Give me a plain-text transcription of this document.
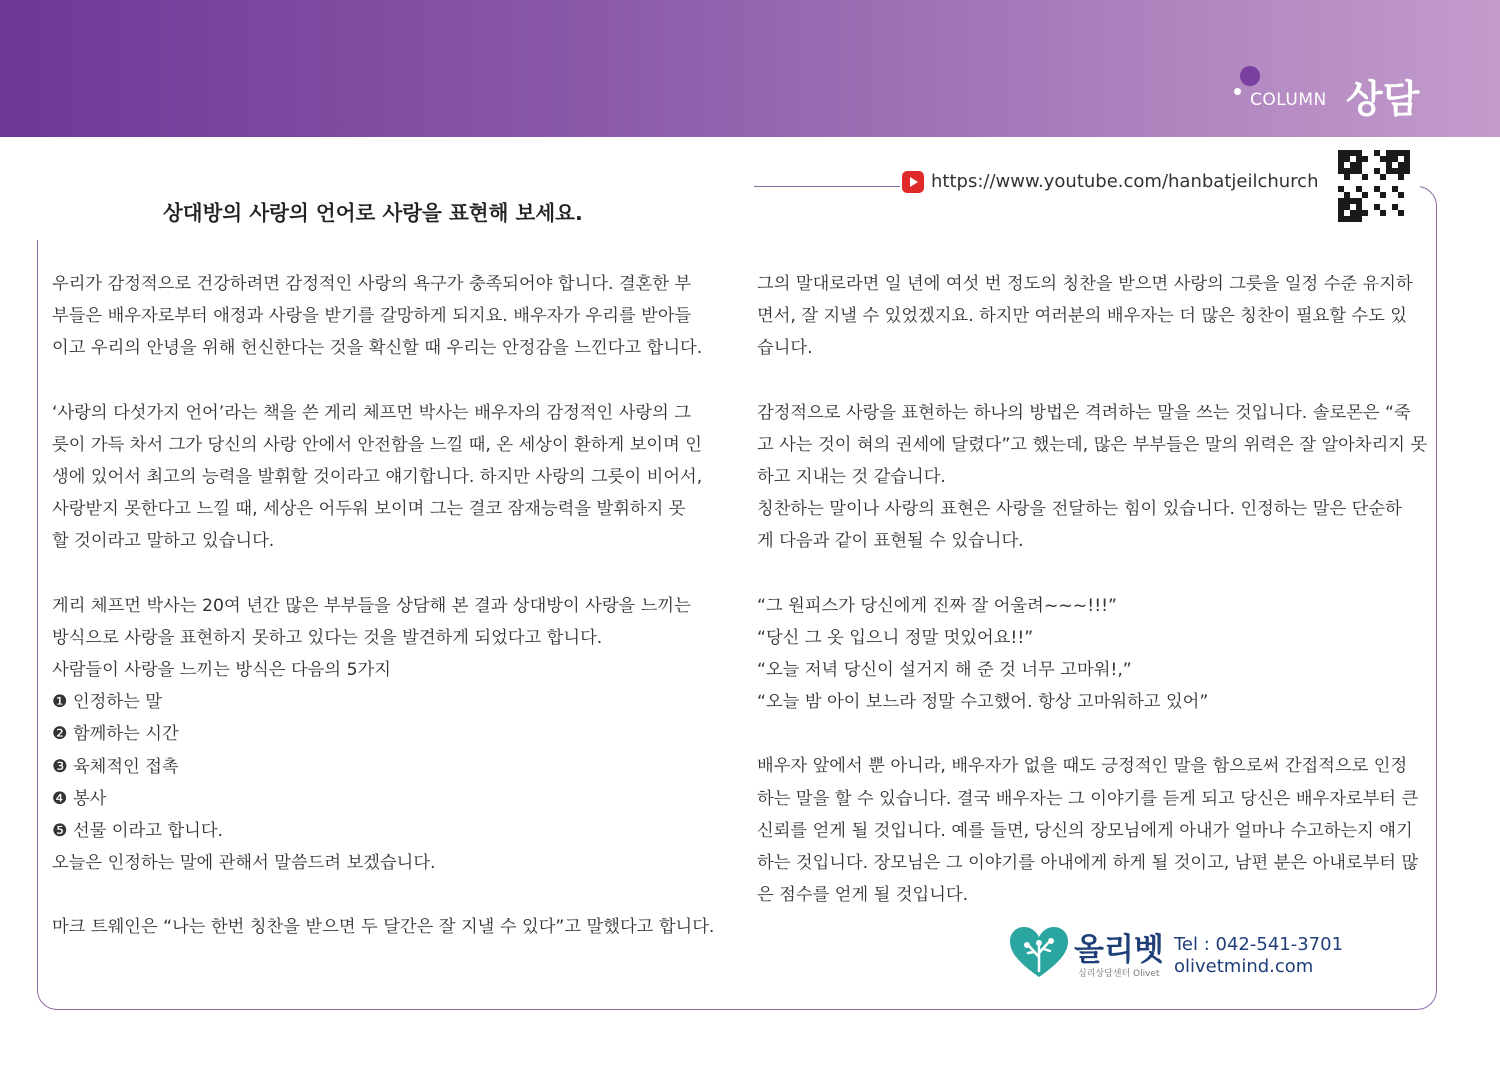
COLUMN 상담
상대방의 사랑의 언어로 사랑을 표현해 보세요.
https://www.youtube.com/hanbatjeilchurch

우리가 감정적으로 건강하려면 감정적인 사랑의 욕구가 충족되어야 합니다. 결혼한 부

부들은 배우자로부터 애정과 사랑을 받기를 갈망하게 되지요. 배우자가 우리를 받아들

이고 우리의 안녕을 위해 헌신한다는 것을 확신할 때 우리는 안정감을 느낀다고 합니다.

‘사랑의 다섯가지 언어’라는 책을 쓴 게리 체프먼 박사는 배우자의 감정적인 사랑의 그

릇이 가득 차서 그가 당신의 사랑 안에서 안전함을 느낄 때, 온 세상이 환하게 보이며 인

생에 있어서 최고의 능력을 발휘할 것이라고 얘기합니다. 하지만 사랑의 그릇이 비어서,

사랑받지 못한다고 느낄 때, 세상은 어두워 보이며 그는 결코 잠재능력을 발휘하지 못

할 것이라고 말하고 있습니다.

게리 체프먼 박사는 20여 년간 많은 부부들을 상담해 본 결과 상대방이 사랑을 느끼는

방식으로 사랑을 표현하지 못하고 있다는 것을 발견하게 되었다고 합니다.

사람들이 사랑을 느끼는 방식은 다음의 5가지

❶ 인정하는 말

❷ 함께하는 시간

❸ 육체적인 접촉

❹ 봉사

❺ 선물 이라고 합니다.

오늘은 인정하는 말에 관해서 말씀드려 보겠습니다.

마크 트웨인은 “나는 한번 칭찬을 받으면 두 달간은 잘 지낼 수 있다”고 말했다고 합니다.

그의 말대로라면 일 년에 여섯 번 정도의 칭찬을 받으면 사랑의 그릇을 일정 수준 유지하

면서, 잘 지낼 수 있었겠지요. 하지만 여러분의 배우자는 더 많은 칭찬이 필요할 수도 있

습니다.

감정적으로 사랑을 표현하는 하나의 방법은 격려하는 말을 쓰는 것입니다. 솔로몬은 “죽

고 사는 것이 혀의 권세에 달렸다”고 했는데, 많은 부부들은 말의 위력은 잘 알아차리지 못

하고 지내는 것 같습니다.

칭찬하는 말이나 사랑의 표현은 사랑을 전달하는 힘이 있습니다. 인정하는 말은 단순하

게 다음과 같이 표현될 수 있습니다.

“그 원피스가 당신에게 진짜 잘 어울려~~~!!!”

“당신 그 옷 입으니 정말 멋있어요!!”

“오늘 저녁 당신이 설거지 해 준 것 너무 고마워!,”

“오늘 밤 아이 보느라 정말 수고했어. 항상 고마워하고 있어”

배우자 앞에서 뿐 아니라, 배우자가 없을 때도 긍정적인 말을 함으로써 간접적으로 인정

하는 말을 할 수 있습니다. 결국 배우자는 그 이야기를 듣게 되고 당신은 배우자로부터 큰

신뢰를 얻게 될 것입니다. 예를 들면, 당신의 장모님에게 아내가 얼마나 수고하는지 얘기

하는 것입니다. 장모님은 그 이야기를 아내에게 하게 될 것이고, 남편 분은 아내로부터 많

은 점수를 얻게 될 것입니다.

올리벳
심리상담센터 Olivet
Tel : 042-541-3701
olivetmind.com
